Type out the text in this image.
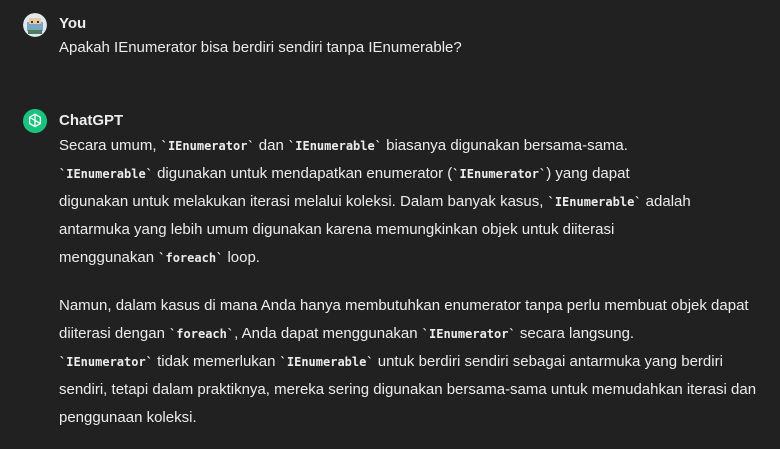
You
Apakah IEnumerator bisa berdiri sendiri tanpa IEnumerable?
ChatGPT

Secara umum, `IEnumerator` dan `IEnumerable` biasanya digunakan bersama-sama.
`IEnumerable` digunakan untuk mendapatkan enumerator (`IEnumerator`) yang dapat digunakan untuk melakukan iterasi melalui koleksi. Dalam banyak kasus, `IEnumerable` adalah antarmuka yang lebih umum digunakan karena memungkinkan objek untuk diiterasi menggunakan `foreach` loop.

Namun, dalam kasus di mana Anda hanya membutuhkan enumerator tanpa perlu membuat objek dapat diiterasi dengan `foreach`, Anda dapat menggunakan `IEnumerator` secara langsung.
`IEnumerator` tidak memerlukan `IEnumerable` untuk berdiri sendiri sebagai antarmuka yang berdiri sendiri, tetapi dalam praktiknya, mereka sering digunakan bersama-sama untuk memudahkan iterasi dan penggunaan koleksi.
